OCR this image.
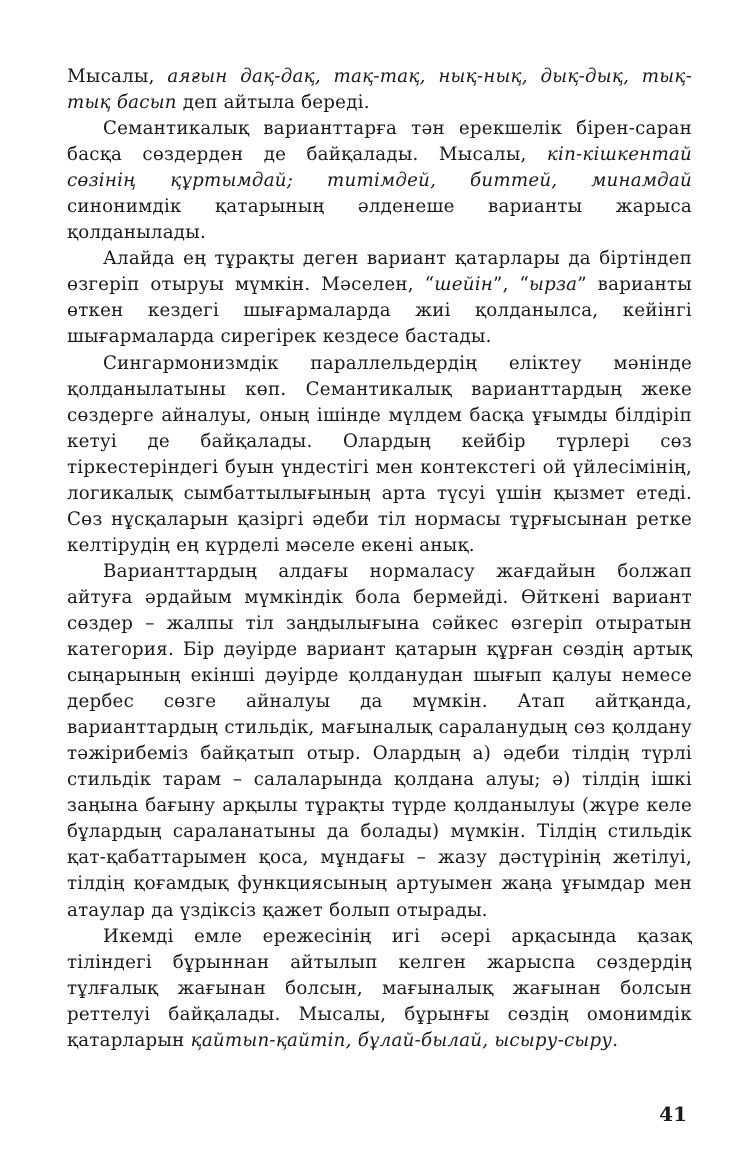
Мысалы, аяғын дақ-дақ, тақ-тақ, нық-нық, дық-дық, тық-тық басып деп айтыла береді.

Семантикалық варианттарға тән ерекшелік бірен-саран басқа сөздерден де байқалады. Мысалы, кіп-кішкентай сөзінің құртымдай; титімдей, биттей, минамдай синонимдік қатарының әлденеше варианты жарыса қолданылады.

Алайда ең тұрақты деген вариант қатарлары да біртіндеп өзгеріп отыруы мүмкін. Мәселен, “шейін”, “ырза” варианты өткен кездегі шығармаларда жиі қолданылса, кейінгі шығармаларда сирегірек кездесе бастады.

Сингармонизмдік параллельдердің еліктеу мәнінде қолданылатыны көп. Семантикалық варианттардың жеке сөздерге айналуы, оның ішінде мүлдем басқа ұғымды білдіріп кетуі де байқалады. Олардың кейбір түрлері сөз тіркестеріндегі буын үндестігі мен контекстегі ой үйлесімінің, логикалық сымбаттылығының арта түсуі үшін қызмет етеді. Сөз нұсқаларын қазіргі әдеби тіл нормасы тұрғысынан ретке келтірудің ең күрделі мәселе екені анық.

Варианттардың алдағы нормаласу жағдайын болжап айтуға әрдайым мүмкіндік бола бермейді. Өйткені вариант сөздер – жалпы тіл заңдылығына сәйкес өзгеріп отыратын категория. Бір дәуірде вариант қатарын құрған сөздің артық сыңарының екінші дәуірде қолданудан шығып қалуы немесе дербес сөзге айналуы да мүмкін. Атап айтқанда, варианттардың стильдік, мағыналық сараланудың сөз қолдану тәжірибеміз байқатып отыр. Олардың а) әдеби тілдің түрлі стильдік тарам – салаларында қолдана алуы; ә) тілдің ішкі заңына бағыну арқылы тұрақты түрде қолданылуы (жүре келе бұлардың сараланатыны да болады) мүмкін. Тілдің стильдік қат-қабаттарымен қоса, мұндағы – жазу дәстүрінің жетілуі, тілдің қоғамдық функциясының артуымен жаңа ұғымдар мен атаулар да үздіксіз қажет болып отырады.

Икемді емле ережесінің игі әсері арқасында қазақ тіліндегі бұрыннан айтылып келген жарыспа сөздердің тұлғалық жағынан болсын, мағыналық жағынан болсын реттелуі байқалады. Мысалы, бұрынғы сөздің омонимдік қатарларын қайтып-қайтіп, бұлай-былай, ысыру-сыру.

41
